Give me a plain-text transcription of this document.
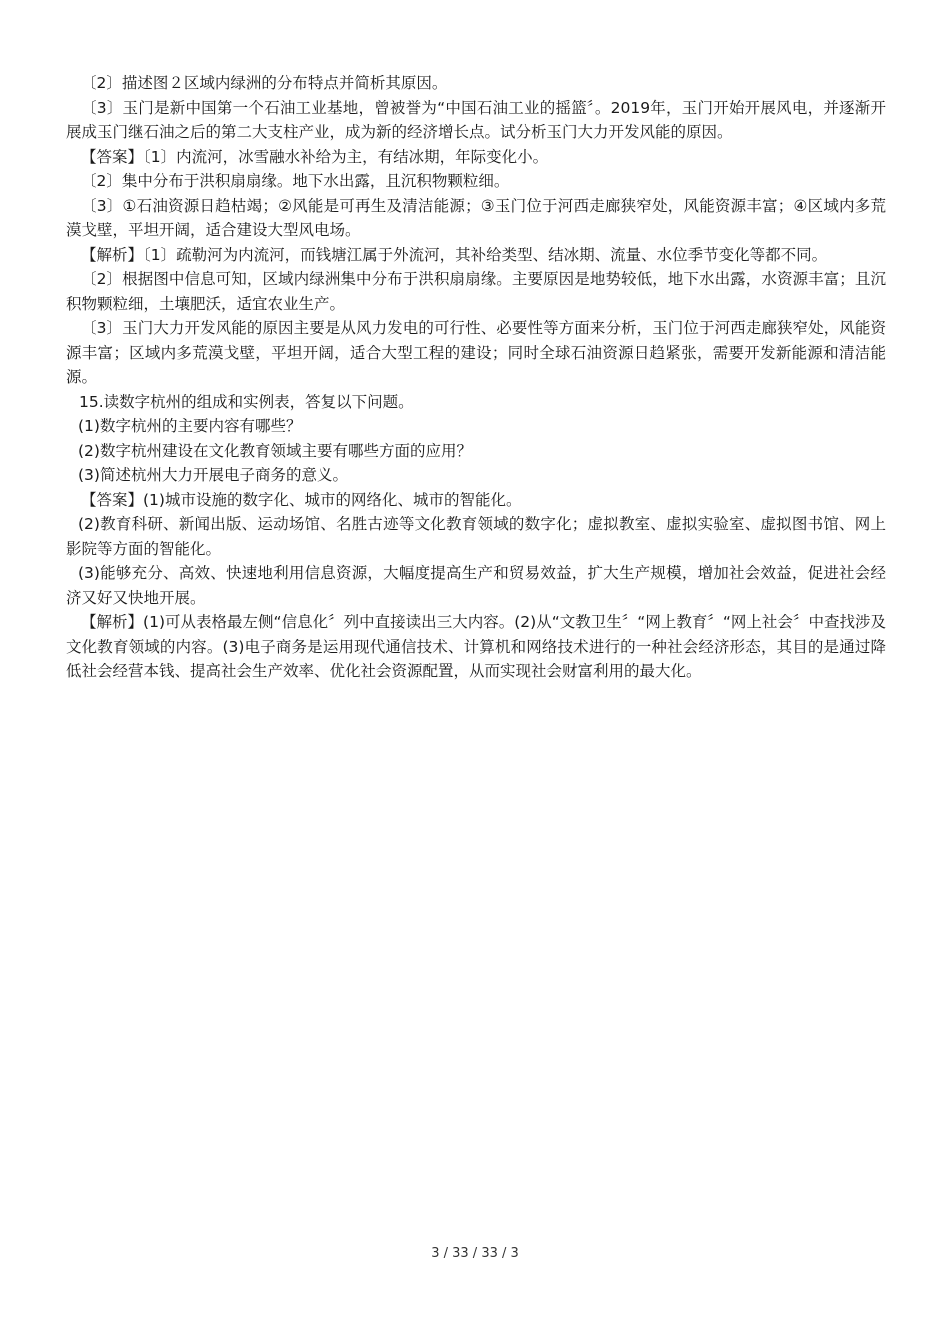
〔2〕描述图２区域内绿洲的分布特点并简析其原因。

〔3〕玉门是新中国第一个石油工业基地，曾被誉为“中国石油工业的摇篮〞。2019年，玉门开始开展风电，并逐渐开展成玉门继石油之后的第二大支柱产业，成为新的经济增长点。试分析玉门大力开发风能的原因。

【答案】〔1〕内流河，冰雪融水补给为主，有结冰期，年际变化小。

〔2〕集中分布于洪积扇扇缘。地下水出露，且沉积物颗粒细。

〔3〕①石油资源日趋枯竭；②风能是可再生及清洁能源；③玉门位于河西走廊狭窄处，风能资源丰富；④区域内多荒漠戈壁，平坦开阔，适合建设大型风电场。

【解析】〔1〕疏勒河为内流河，而钱塘江属于外流河，其补给类型、结冰期、流量、水位季节变化等都不同。

〔2〕根据图中信息可知，区域内绿洲集中分布于洪积扇扇缘。主要原因是地势较低，地下水出露，水资源丰富；且沉积物颗粒细，土壤肥沃，适宜农业生产。

〔3〕玉门大力开发风能的原因主要是从风力发电的可行性、必要性等方面来分析，玉门位于河西走廊狭窄处，风能资源丰富；区域内多荒漠戈壁，平坦开阔，适合大型工程的建设；同时全球石油资源日趋紧张，需要开发新能源和清洁能源。

15.读数字杭州的组成和实例表，答复以下问题。

(1)数字杭州的主要内容有哪些？

(2)数字杭州建设在文化教育领域主要有哪些方面的应用？

(3)简述杭州大力开展电子商务的意义。

【答案】(1)城市设施的数字化、城市的网络化、城市的智能化。

(2)教育科研、新闻出版、运动场馆、名胜古迹等文化教育领域的数字化；虚拟教室、虚拟实验室、虚拟图书馆、网上影院等方面的智能化。

(3)能够充分、高效、快速地利用信息资源，大幅度提高生产和贸易效益，扩大生产规模，增加社会效益，促进社会经济又好又快地开展。

【解析】(1)可从表格最左侧“信息化〞列中直接读出三大内容。(2)从“文教卫生〞“网上教育〞“网上社会〞中查找涉及文化教育领域的内容。(3)电子商务是运用现代通信技术、计算机和网络技术进行的一种社会经济形态，其目的是通过降低社会经营本钱、提高社会生产效率、优化社会资源配置，从而实现社会财富利用的最大化。

3 / 33 / 33 / 3
